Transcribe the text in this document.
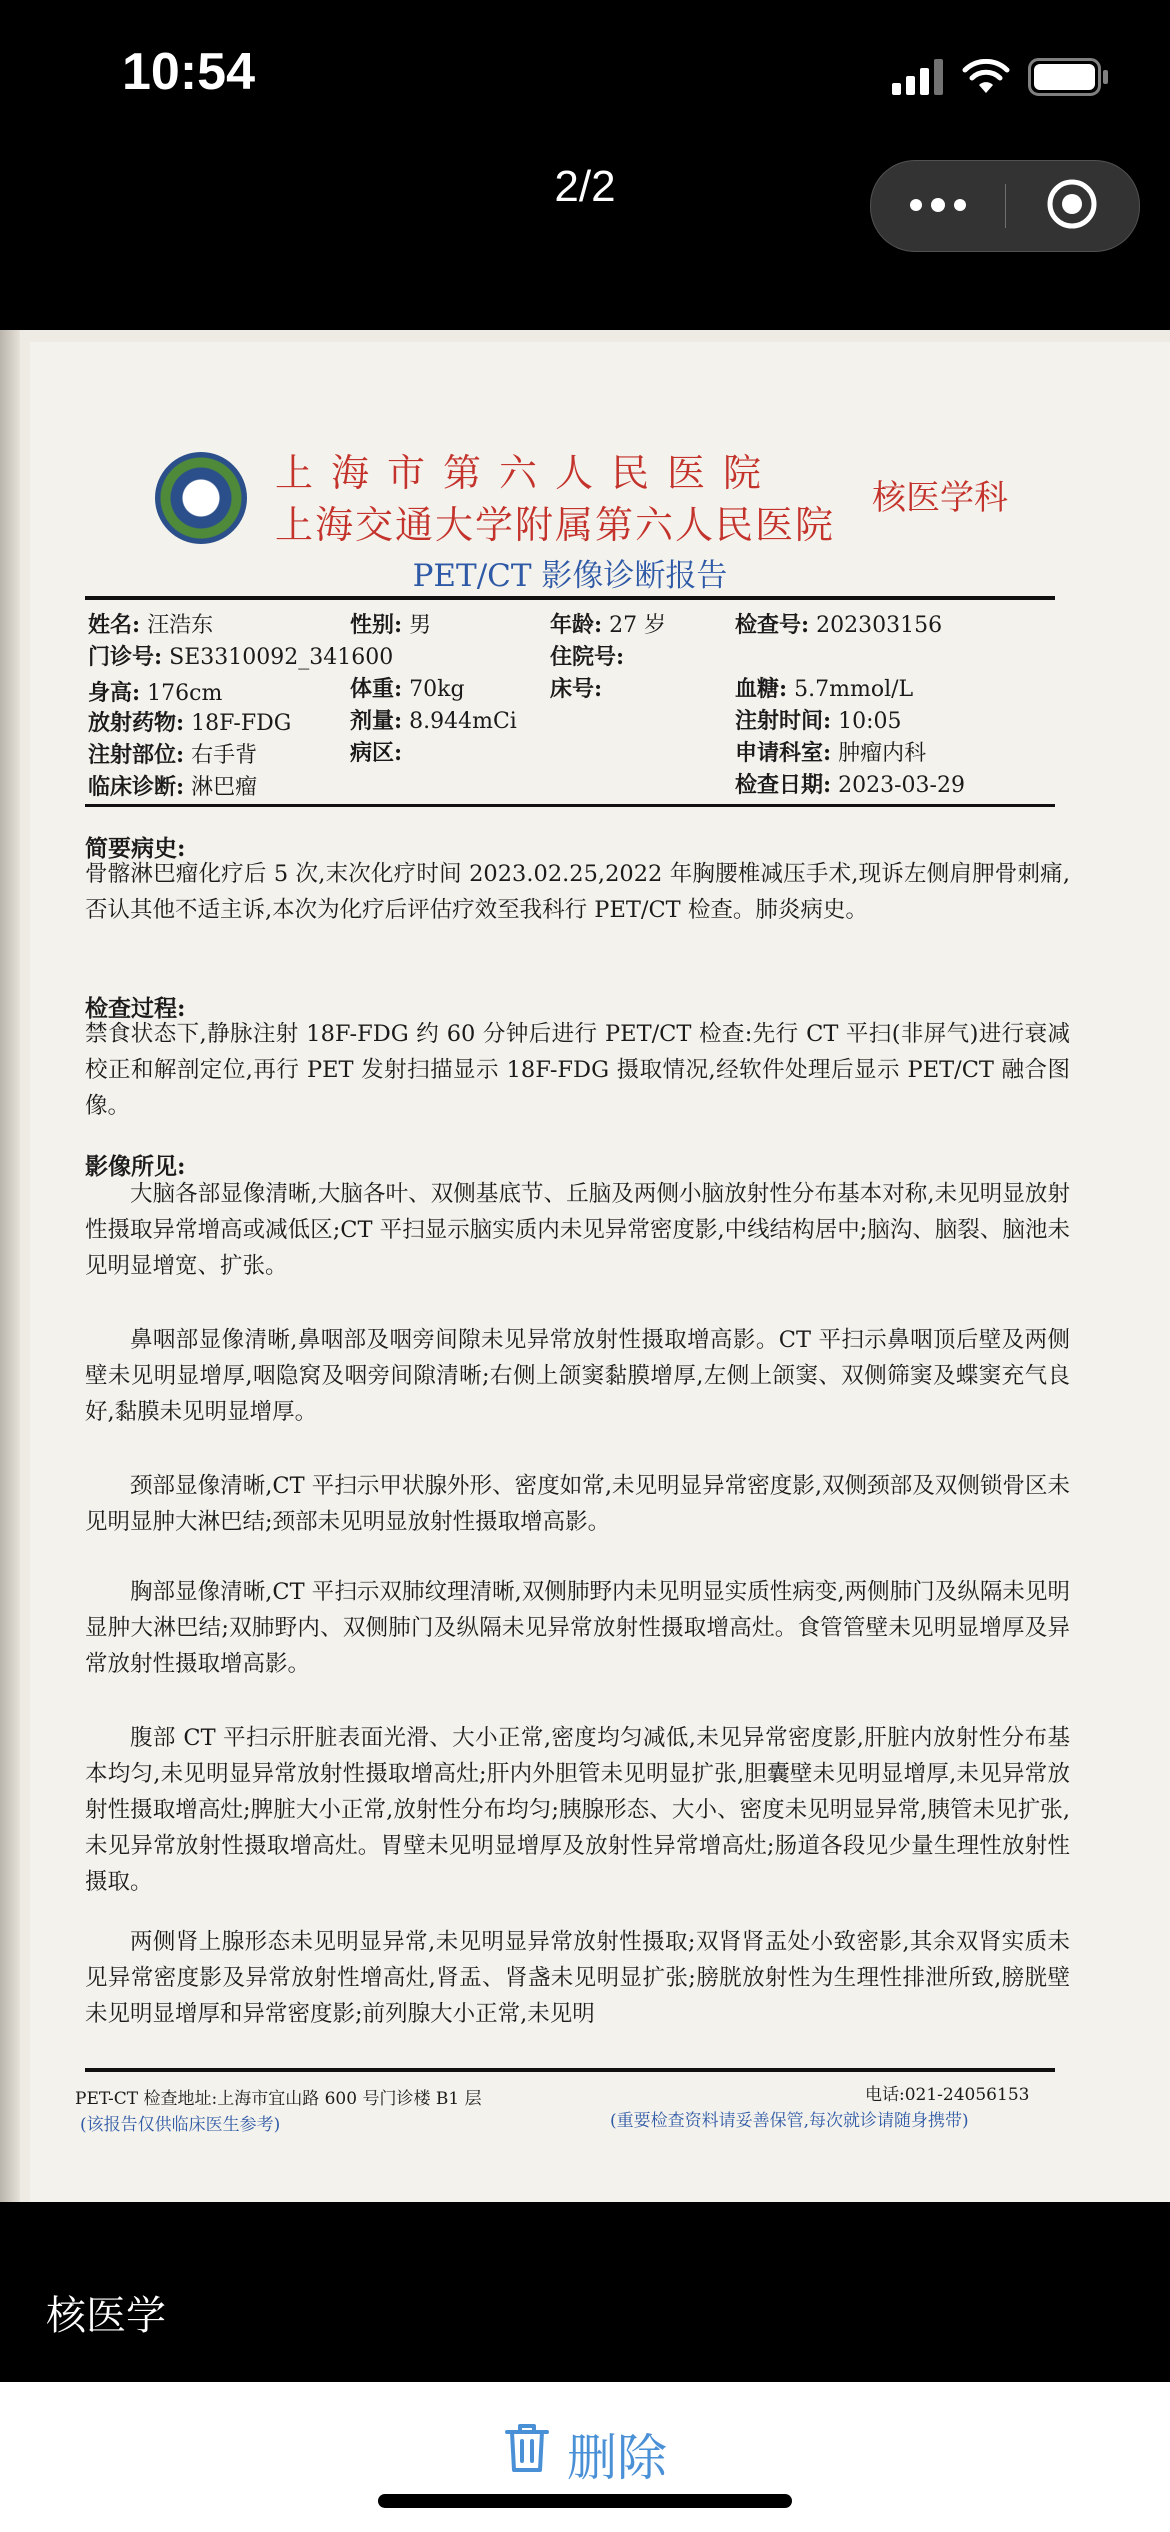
10:54
2/2
上海市第六人民医院
上海交通大学附属第六人民医院
核医学科
PET/CT 影像诊断报告
姓名: 汪浩东	性别: 男	年龄: 27 岁	检查号: 202303156
门诊号: SE3310092_341600	住院号:
身高: 176cm	体重: 70kg	床号:	血糖: 5.7mmol/L
放射药物: 18F-FDG	剂量: 8.944mCi	注射时间: 10:05
注射部位: 右手背	病区:	申请科室: 肿瘤内科
临床诊断: 淋巴瘤	检查日期: 2023-03-29
简要病史:
骨髂淋巴瘤化疗后 5 次,末次化疗时间 2023.02.25,2022 年胸腰椎减压手术,现诉左侧肩胛骨刺痛,否认其他不适主诉,本次为化疗后评估疗效至我科行 PET/CT 检查。肺炎病史。
检查过程:
禁食状态下,静脉注射 18F-FDG 约 60 分钟后进行 PET/CT 检查:先行 CT 平扫(非屏气)进行衰减校正和解剖定位,再行 PET 发射扫描显示 18F-FDG 摄取情况,经软件处理后显示 PET/CT 融合图像。
影像所见:
大脑各部显像清晰,大脑各叶、双侧基底节、丘脑及两侧小脑放射性分布基本对称,未见明显放射性摄取异常增高或减低区;CT 平扫显示脑实质内未见异常密度影,中线结构居中;脑沟、脑裂、脑池未见明显增宽、扩张。
鼻咽部显像清晰,鼻咽部及咽旁间隙未见异常放射性摄取增高影。CT 平扫示鼻咽顶后壁及两侧壁未见明显增厚,咽隐窝及咽旁间隙清晰;右侧上颌窦黏膜增厚,左侧上颌窦、双侧筛窦及蝶窦充气良好,黏膜未见明显增厚。
颈部显像清晰,CT 平扫示甲状腺外形、密度如常,未见明显异常密度影,双侧颈部及双侧锁骨区未见明显肿大淋巴结;颈部未见明显放射性摄取增高影。
胸部显像清晰,CT 平扫示双肺纹理清晰,双侧肺野内未见明显实质性病变,两侧肺门及纵隔未见明显肿大淋巴结;双肺野内、双侧肺门及纵隔未见异常放射性摄取增高灶。食管管壁未见明显增厚及异常放射性摄取增高影。
腹部 CT 平扫示肝脏表面光滑、大小正常,密度均匀减低,未见异常密度影,肝脏内放射性分布基本均匀,未见明显异常放射性摄取增高灶;肝内外胆管未见明显扩张,胆囊壁未见明显增厚,未见异常放射性摄取增高灶;脾脏大小正常,放射性分布均匀;胰腺形态、大小、密度未见明显异常,胰管未见扩张,未见异常放射性摄取增高灶。胃壁未见明显增厚及放射性异常增高灶;肠道各段见少量生理性放射性摄取。
两侧肾上腺形态未见明显异常,未见明显异常放射性摄取;双肾肾盂处小致密影,其余双肾实质未见异常密度影及异常放射性增高灶,肾盂、肾盏未见明显扩张;膀胱放射性为生理性排泄所致,膀胱壁未见明显增厚和异常密度影;前列腺大小正常,未见明
PET-CT 检查地址:上海市宜山路 600 号门诊楼 B1 层	电话:021-24056153
(该报告仅供临床医生参考)	(重要检查资料请妥善保管,每次就诊请随身携带)
核医学
删除
